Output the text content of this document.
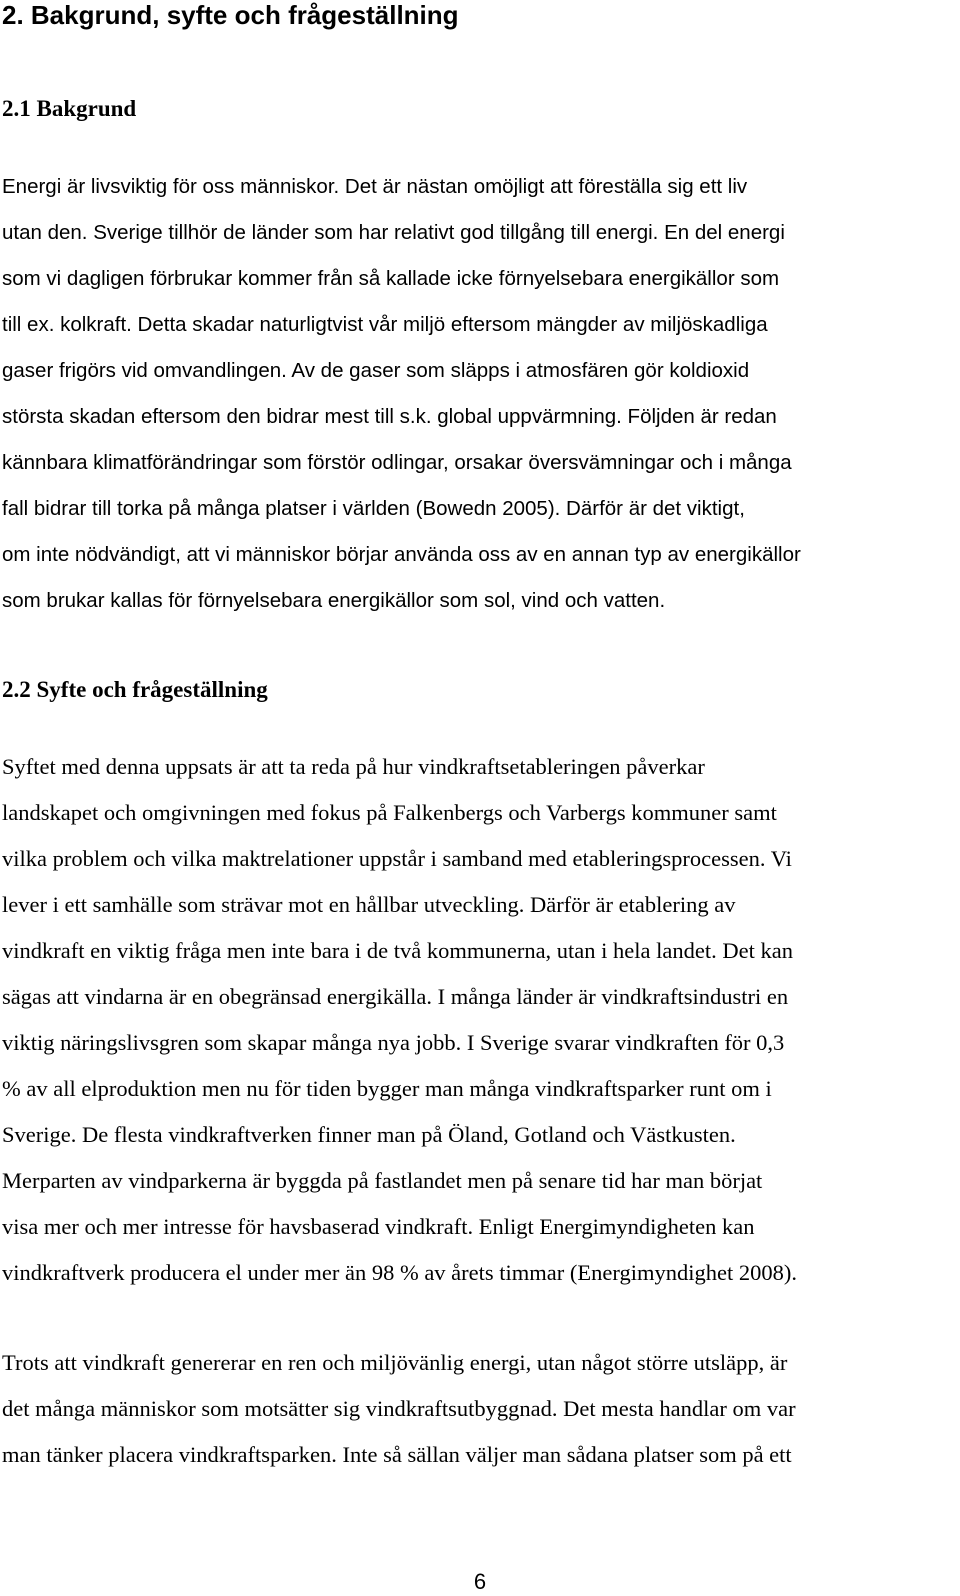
2. Bakgrund, syfte och frågeställning
2.1 Bakgrund
Energi är livsviktig för oss människor. Det är nästan omöjligt att föreställa sig ett liv
utan den. Sverige tillhör de länder som har relativt god tillgång till energi. En del energi
som vi dagligen förbrukar kommer från så kallade icke förnyelsebara energikällor som
till ex. kolkraft. Detta skadar naturligtvist vår miljö eftersom mängder av miljöskadliga
gaser frigörs vid omvandlingen. Av de gaser som släpps i atmosfären gör koldioxid
största skadan eftersom den bidrar mest till s.k. global uppvärmning. Följden är redan
kännbara klimatförändringar som förstör odlingar, orsakar översvämningar och i många
fall bidrar till torka på många platser i världen (Bowedn 2005). Därför är det viktigt,
om inte nödvändigt, att vi människor börjar använda oss av en annan typ av energikällor
som brukar kallas för förnyelsebara energikällor som sol, vind och vatten.
2.2 Syfte och frågeställning
Syftet med denna uppsats är att ta reda på hur vindkraftsetableringen påverkar
landskapet och omgivningen med fokus på Falkenbergs och Varbergs kommuner samt
vilka problem och vilka maktrelationer uppstår i samband med etableringsprocessen. Vi
lever i ett samhälle som strävar mot en hållbar utveckling. Därför är etablering av
vindkraft en viktig fråga men inte bara i de två kommunerna, utan i hela landet. Det kan
sägas att vindarna är en obegränsad energikälla. I många länder är vindkraftsindustri en
viktig näringslivsgren som skapar många nya jobb. I Sverige svarar vindkraften för 0,3
% av all elproduktion men nu för tiden bygger man många vindkraftsparker runt om i
Sverige. De flesta vindkraftverken finner man på Öland, Gotland och Västkusten.
Merparten av vindparkerna är byggda på fastlandet men på senare tid har man börjat
visa mer och mer intresse för havsbaserad vindkraft. Enligt Energimyndigheten kan
vindkraftverk producera el under mer än 98 % av årets timmar (Energimyndighet 2008).
Trots att vindkraft genererar en ren och miljövänlig energi, utan något större utsläpp, är
det många människor som motsätter sig vindkraftsutbyggnad. Det mesta handlar om var
man tänker placera vindkraftsparken. Inte så sällan väljer man sådana platser som på ett
6
